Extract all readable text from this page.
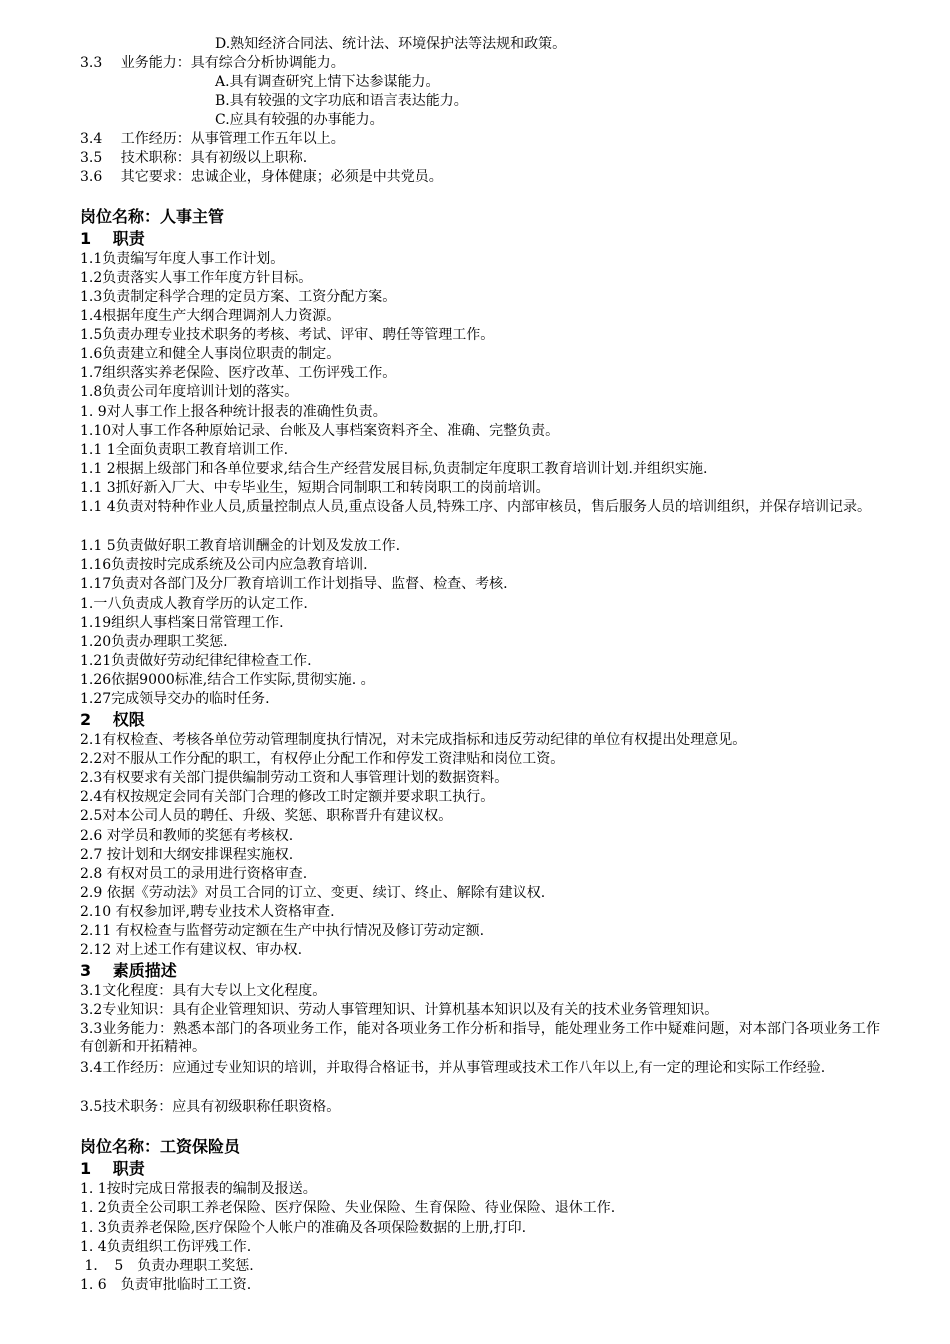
D.熟知经济合同法、统计法、环境保护法等法规和政策。
3.3　 业务能力：具有综合分析协调能力。
A.具有调查研究上情下达参谋能力。
B.具有较强的文字功底和语言表达能力。
C.应具有较强的办事能力。
3.4　 工作经历：从事管理工作五年以上。
3.5　 技术职称：具有初级以上职称.
3.6　 其它要求：忠诚企业，身体健康；必须是中共党员。
岗位名称：人事主管
1　 职责
1.1负责编写年度人事工作计划。
1.2负责落实人事工作年度方针目标。
1.3负责制定科学合理的定员方案、工资分配方案。
1.4根据年度生产大纲合理调剂人力资源。
1.5负责办理专业技术职务的考核、考试、评审、聘任等管理工作。
1.6负责建立和健全人事岗位职责的制定。
1.7组织落实养老保险、医疗改革、工伤评残工作。
1.8负责公司年度培训计划的落实。
1. 9对人事工作上报各种统计报表的准确性负责。
1.10对人事工作各种原始记录、台帐及人事档案资料齐全、准确、完整负责。
1.1 1全面负责职工教育培训工作.
1.1 2根据上级部门和各单位要求,结合生产经营发展目标,负责制定年度职工教育培训计划.并组织实施.
1.1 3抓好新入厂大、中专毕业生，短期合同制职工和转岗职工的岗前培训。
1.1 4负责对特种作业人员,质量控制点人员,重点设备人员,特殊工序、内部审核员，售后服务人员的培训组织，并保存培训记录。
1.1 5负责做好职工教育培训酬金的计划及发放工作.
1.16负责按时完成系统及公司内应急教育培训.
1.17负责对各部门及分厂教育培训工作计划指导、监督、检查、考核.
1.一八负责成人教育学历的认定工作.
1.19组织人事档案日常管理工作.
1.20负责办理职工奖惩.
1.21负责做好劳动纪律纪律检查工作.
1.26依据9000标准,结合工作实际,贯彻实施. 。
1.27完成领导交办的临时任务.
2　 权限
2.1有权检查、考核各单位劳动管理制度执行情况，对未完成指标和违反劳动纪律的单位有权提出处理意见。
2.2对不服从工作分配的职工，有权停止分配工作和停发工资津贴和岗位工资。
2.3有权要求有关部门提供编制劳动工资和人事管理计划的数据资料。
2.4有权按规定会同有关部门合理的修改工时定额并要求职工执行。
2.5对本公司人员的聘任、升级、奖惩、职称晋升有建议权。
2.6 对学员和教师的奖惩有考核权.
2.7 按计划和大纲安排课程实施权.
2.8 有权对员工的录用进行资格审查.
2.9 依据《劳动法》对员工合同的订立、变更、续订、终止、解除有建议权.
2.10 有权参加评,聘专业技术人资格审查.
2.11 有权检查与监督劳动定额在生产中执行情况及修订劳动定额.
2.12 对上述工作有建议权、审办权.
3　 素质描述
3.1文化程度：具有大专以上文化程度。
3.2专业知识：具有企业管理知识、劳动人事管理知识、计算机基本知识以及有关的技术业务管理知识。
3.3业务能力：熟悉本部门的各项业务工作，能对各项业务工作分析和指导，能处理业务工作中疑难问题，对本部门各项业务工作有创新和开拓精神。
3.4工作经历：应通过专业知识的培训，并取得合格证书，并从事管理或技术工作八年以上,有一定的理论和实际工作经验.
3.5技术职务：应具有初级职称任职资格。
岗位名称：工资保险员
1　 职责
1. 1按时完成日常报表的编制及报送。
1. 2负责全公司职工养老保险、医疗保险、失业保险、生育保险、待业保险、退休工作.
1. 3负责养老保险,医疗保险个人帐户的准确及各项保险数据的上册,打印.
1. 4负责组织工伤评残工作.
1．　5　负责办理职工奖惩.
1. 6　负责审批临时工工资.
